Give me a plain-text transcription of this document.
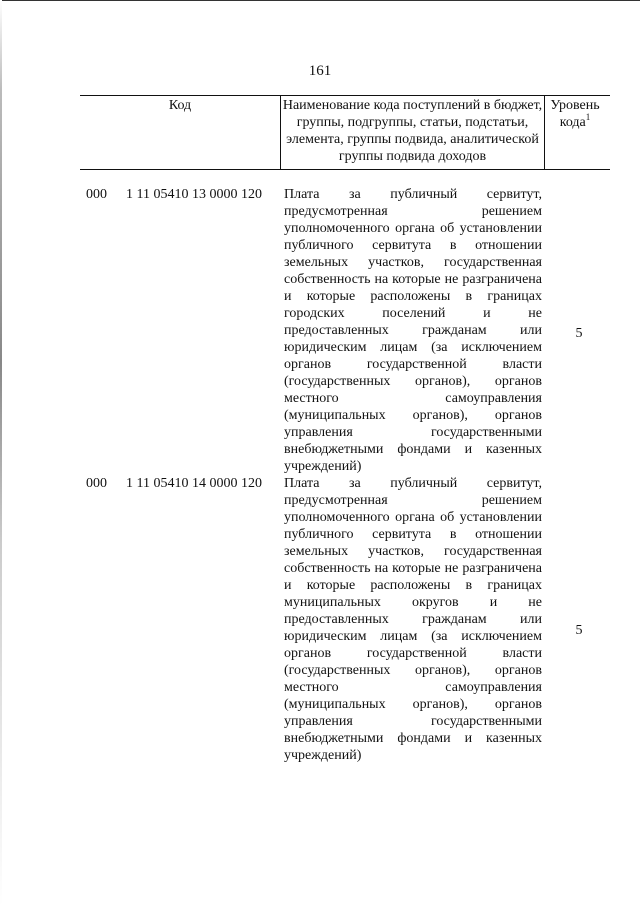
161
Код	Наименование кода поступлений в бюджет, группы, подгруппы, статьи, подстатьи, элемента, группы подвида, аналитической группы подвида доходов
Уровень кода$^1$
000 1 11 05410 13 0000 120 Плата за публичный сервитут, предусмотренная решением уполномоченного органа об установлении публичного сервитута в отношении земельных участков, государственная собственность на которые не разграничена и которые расположены в границах городских поселений и не предоставленных гражданам или юридическим лицам (за исключением органов государственной власти (государственных органов), органов местного самоуправления (муниципальных органов), органов управления государственными внебюджетными фондами и казенных учреждений)
5
000 1 11 05410 14 0000 120 Плата за публичный сервитут, предусмотренная решением уполномоченного органа об установлении публичного сервитута в отношении земельных участков, государственная собственность на которые не разграничена и которые расположены в границах муниципальных округов и не предоставленных гражданам или юридическим лицам (за исключением органов государственной власти (государственных органов), органов местного самоуправления (муниципальных органов), органов управления государственными внебюджетными фондами и казенных учреждений)
5
